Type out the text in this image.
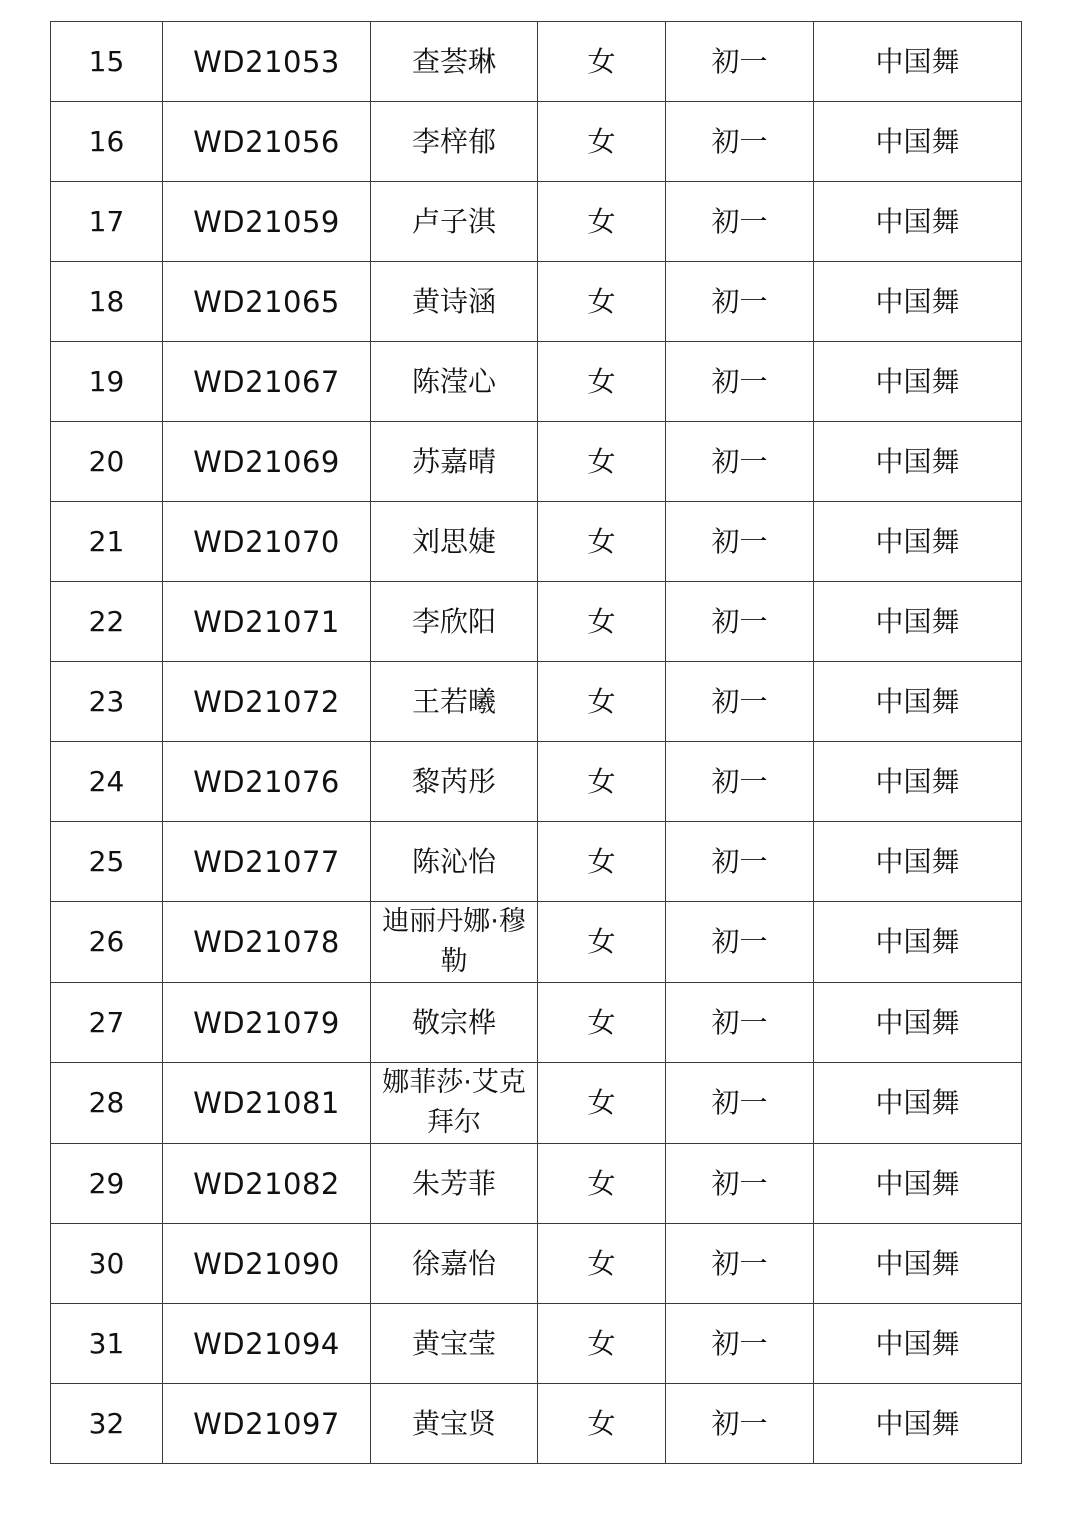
15	WD21053	查荟琳	女	初一	中国舞
16	WD21056	李梓郁	女	初一	中国舞
17	WD21059	卢子淇	女	初一	中国舞
18	WD21065	黄诗涵	女	初一	中国舞
19	WD21067	陈滢心	女	初一	中国舞
20	WD21069	苏嘉晴	女	初一	中国舞
21	WD21070	刘思婕	女	初一	中国舞
22	WD21071	李欣阳	女	初一	中国舞
23	WD21072	王若曦	女	初一	中国舞
24	WD21076	黎芮彤	女	初一	中国舞
25	WD21077	陈沁怡	女	初一	中国舞
26	WD21078	迪丽丹娜·穆勒	女	初一	中国舞
27	WD21079	敬宗桦	女	初一	中国舞
28	WD21081	娜菲莎·艾克拜尔	女	初一	中国舞
29	WD21082	朱芳菲	女	初一	中国舞
30	WD21090	徐嘉怡	女	初一	中国舞
31	WD21094	黄宝莹	女	初一	中国舞
32	WD21097	黄宝贤	女	初一	中国舞
